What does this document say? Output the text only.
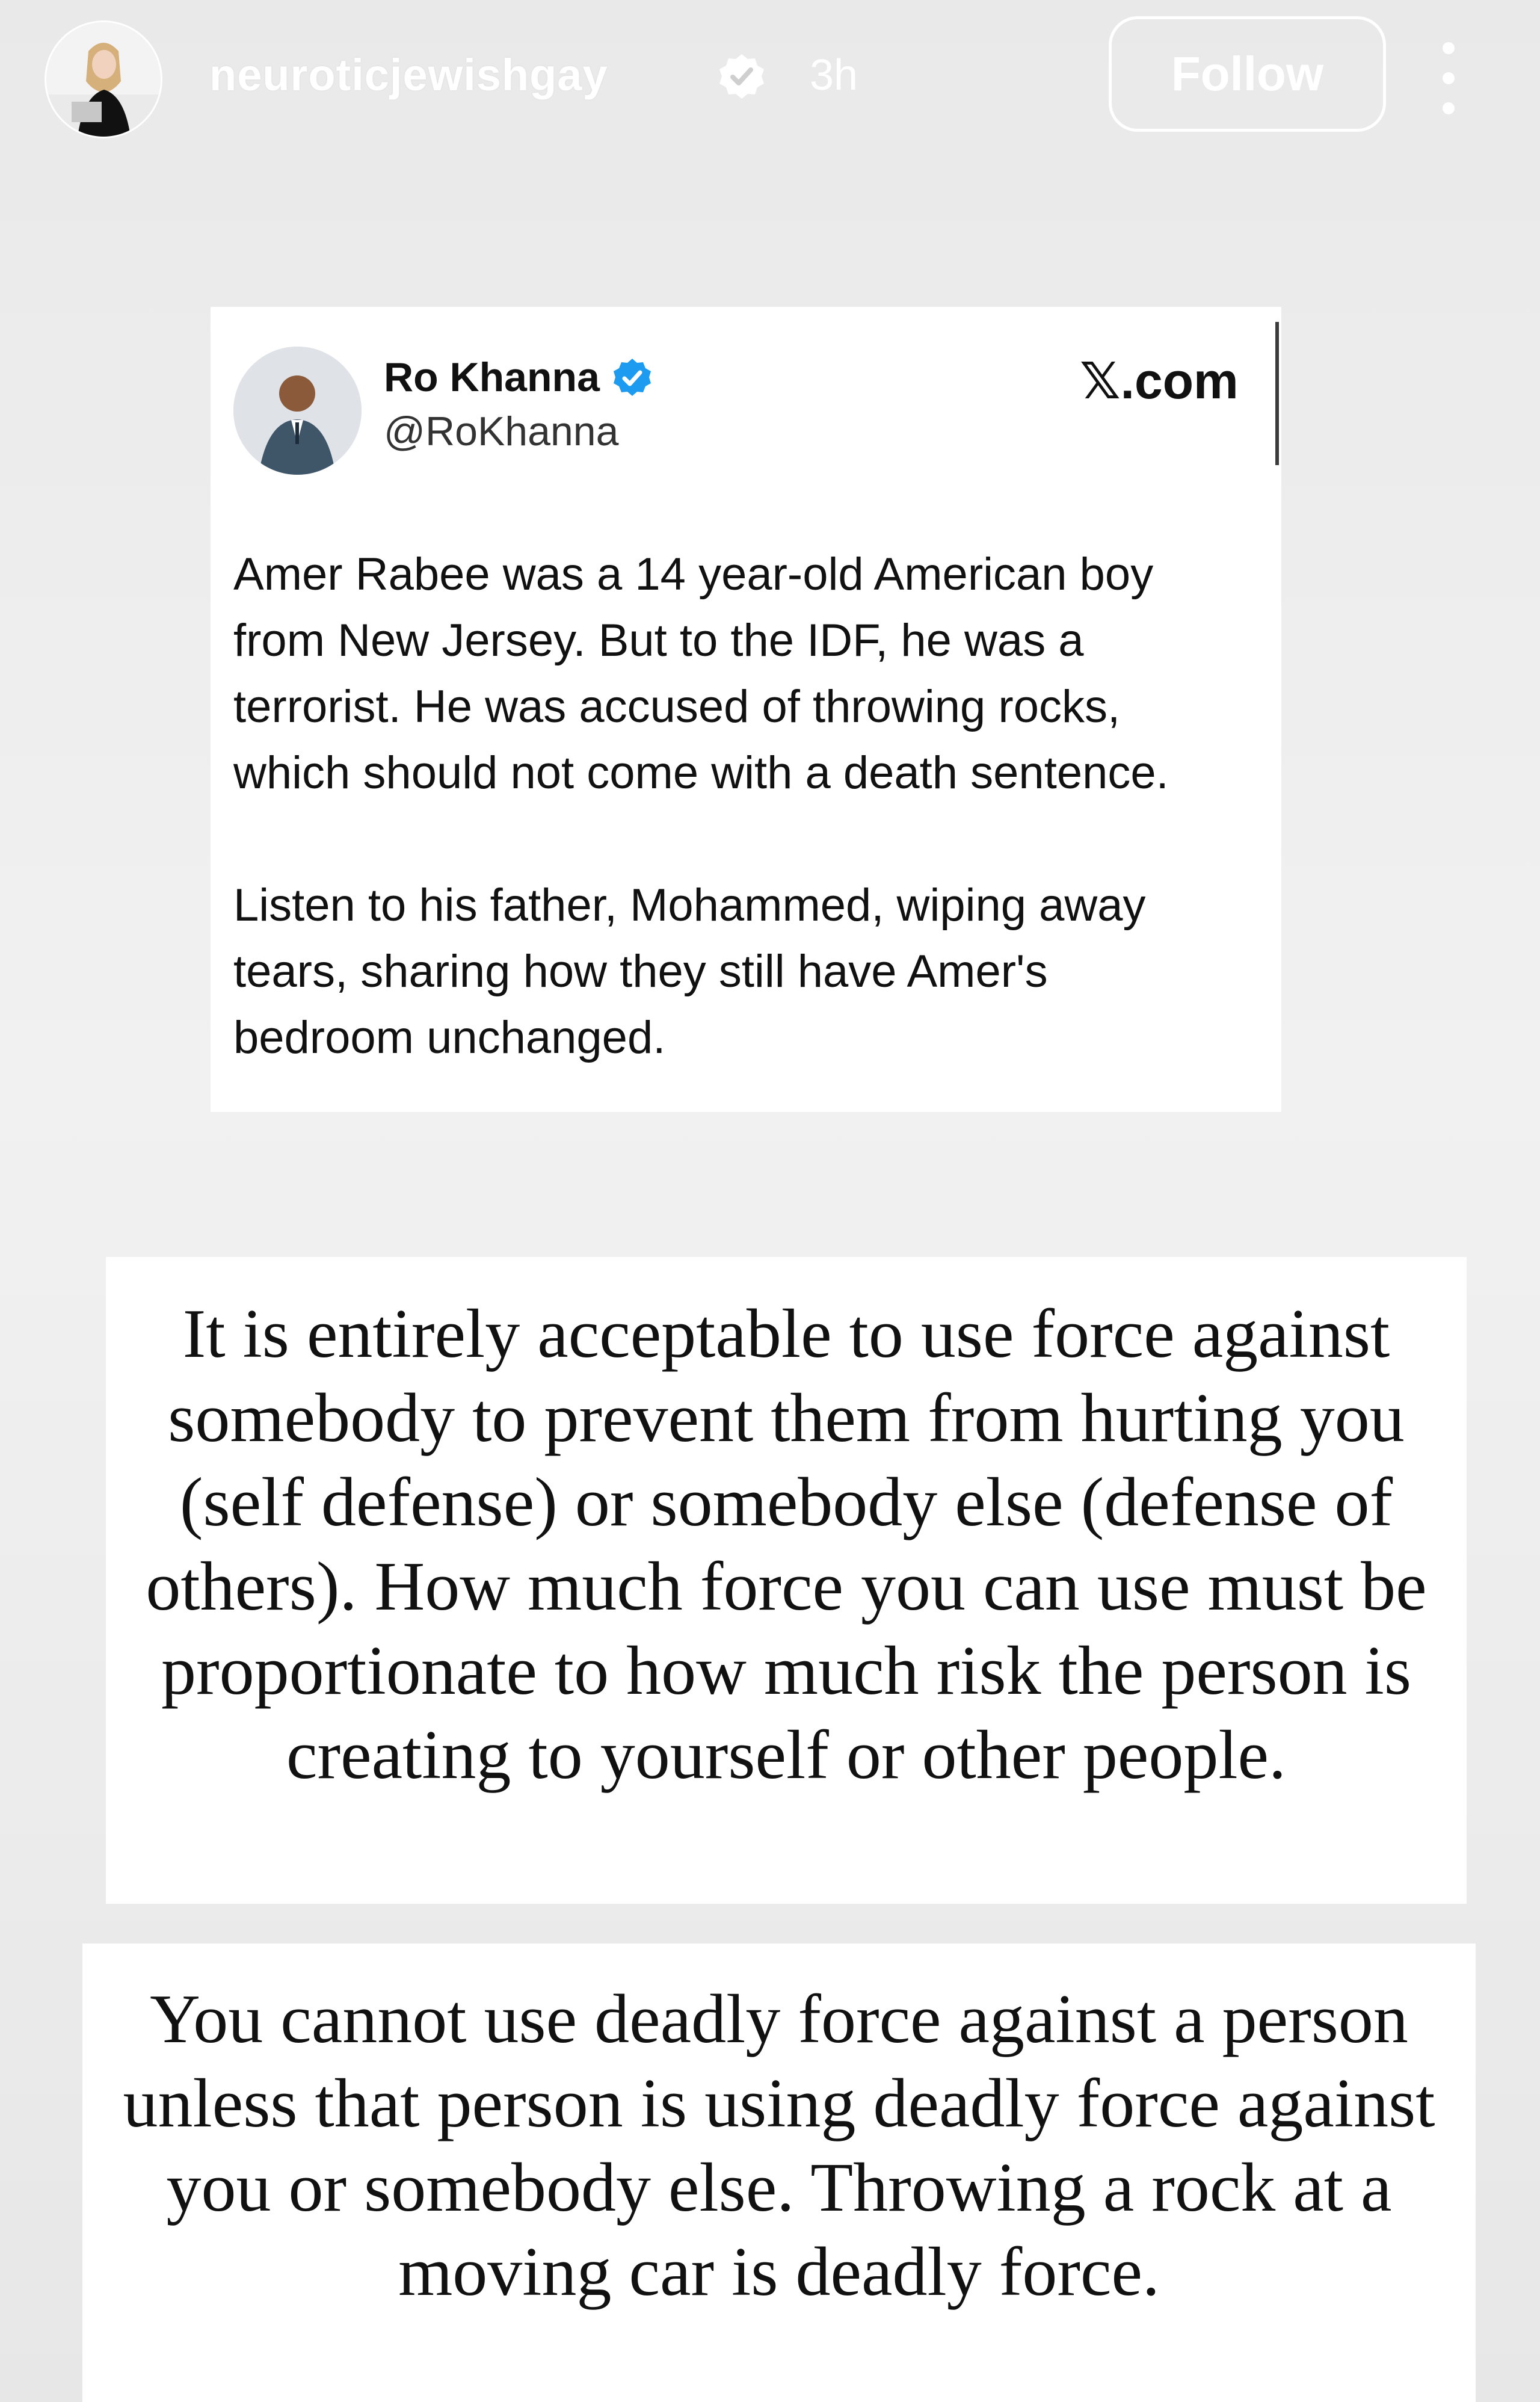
neuroticjewishgay	3h	Follow
Ro Khanna
@RoKhanna
𝕏.com

Amer Rabee was a 14 year-old American boy
from New Jersey. But to the IDF, he was a
terrorist. He was accused of throwing rocks,
which should not come with a death sentence.

Listen to his father, Mohammed, wiping away
tears, sharing how they still have Amer's
bedroom unchanged.

It is entirely acceptable to use force against somebody to prevent them from hurting you (self defense) or somebody else (defense of others). How much force you can use must be proportionate to how much risk the person is creating to yourself or other people.
You cannot use deadly force against a person unless that person is using deadly force against you or somebody else. Throwing a rock at a moving car is deadly force.
